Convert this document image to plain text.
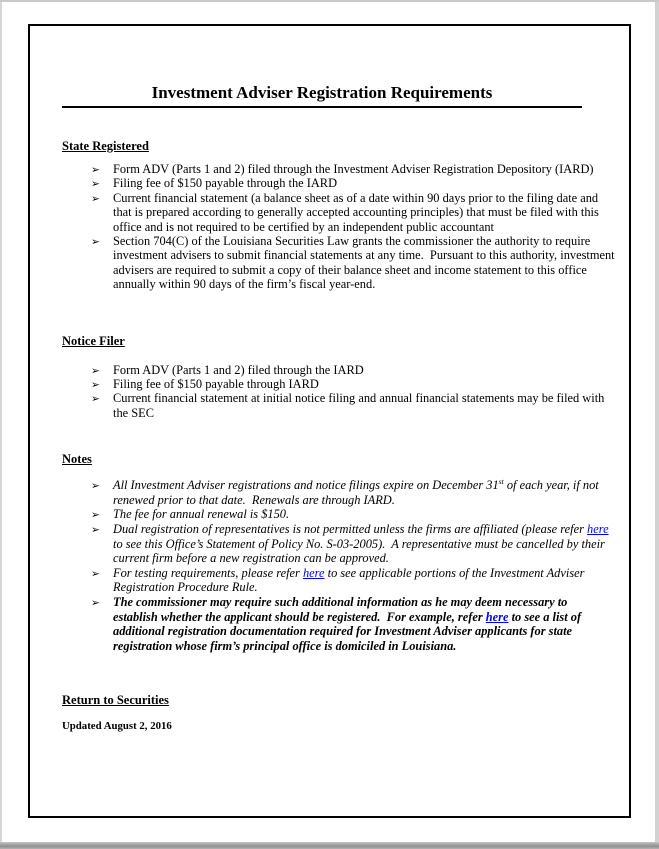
Investment Adviser Registration Requirements
State Registered
➢ Form ADV (Parts 1 and 2) filed through the Investment Adviser Registration Depository (IARD)
➢ Filing fee of $150 payable through the IARD
➢ Current financial statement (a balance sheet as of a date within 90 days prior to the filing date and that is prepared according to generally accepted accounting principles) that must be filed with this office and is not required to be certified by an independent public accountant
➢ Section 704(C) of the Louisiana Securities Law grants the commissioner the authority to require investment advisers to submit financial statements at any time.  Pursuant to this authority, investment advisers are required to submit a copy of their balance sheet and income statement to this office annually within 90 days of the firm’s fiscal year-end.
Notice Filer
➢ Form ADV (Parts 1 and 2) filed through the IARD
➢ Filing fee of $150 payable through IARD
➢ Current financial statement at initial notice filing and annual financial statements may be filed with the SEC
Notes
➢ All Investment Adviser registrations and notice filings expire on December 31st of each year, if not renewed prior to that date.  Renewals are through IARD.
➢ The fee for annual renewal is $150.
➢ Dual registration of representatives is not permitted unless the firms are affiliated (please refer here to see this Office’s Statement of Policy No. S-03-2005).  A representative must be cancelled by their current firm before a new registration can be approved.
➢ For testing requirements, please refer here to see applicable portions of the Investment Adviser Registration Procedure Rule.
➢ The commissioner may require such additional information as he may deem necessary to establish whether the applicant should be registered.  For example, refer here to see a list of additional registration documentation required for Investment Adviser applicants for state registration whose firm’s principal office is domiciled in Louisiana.
Return to Securities

Updated August 2, 2016
